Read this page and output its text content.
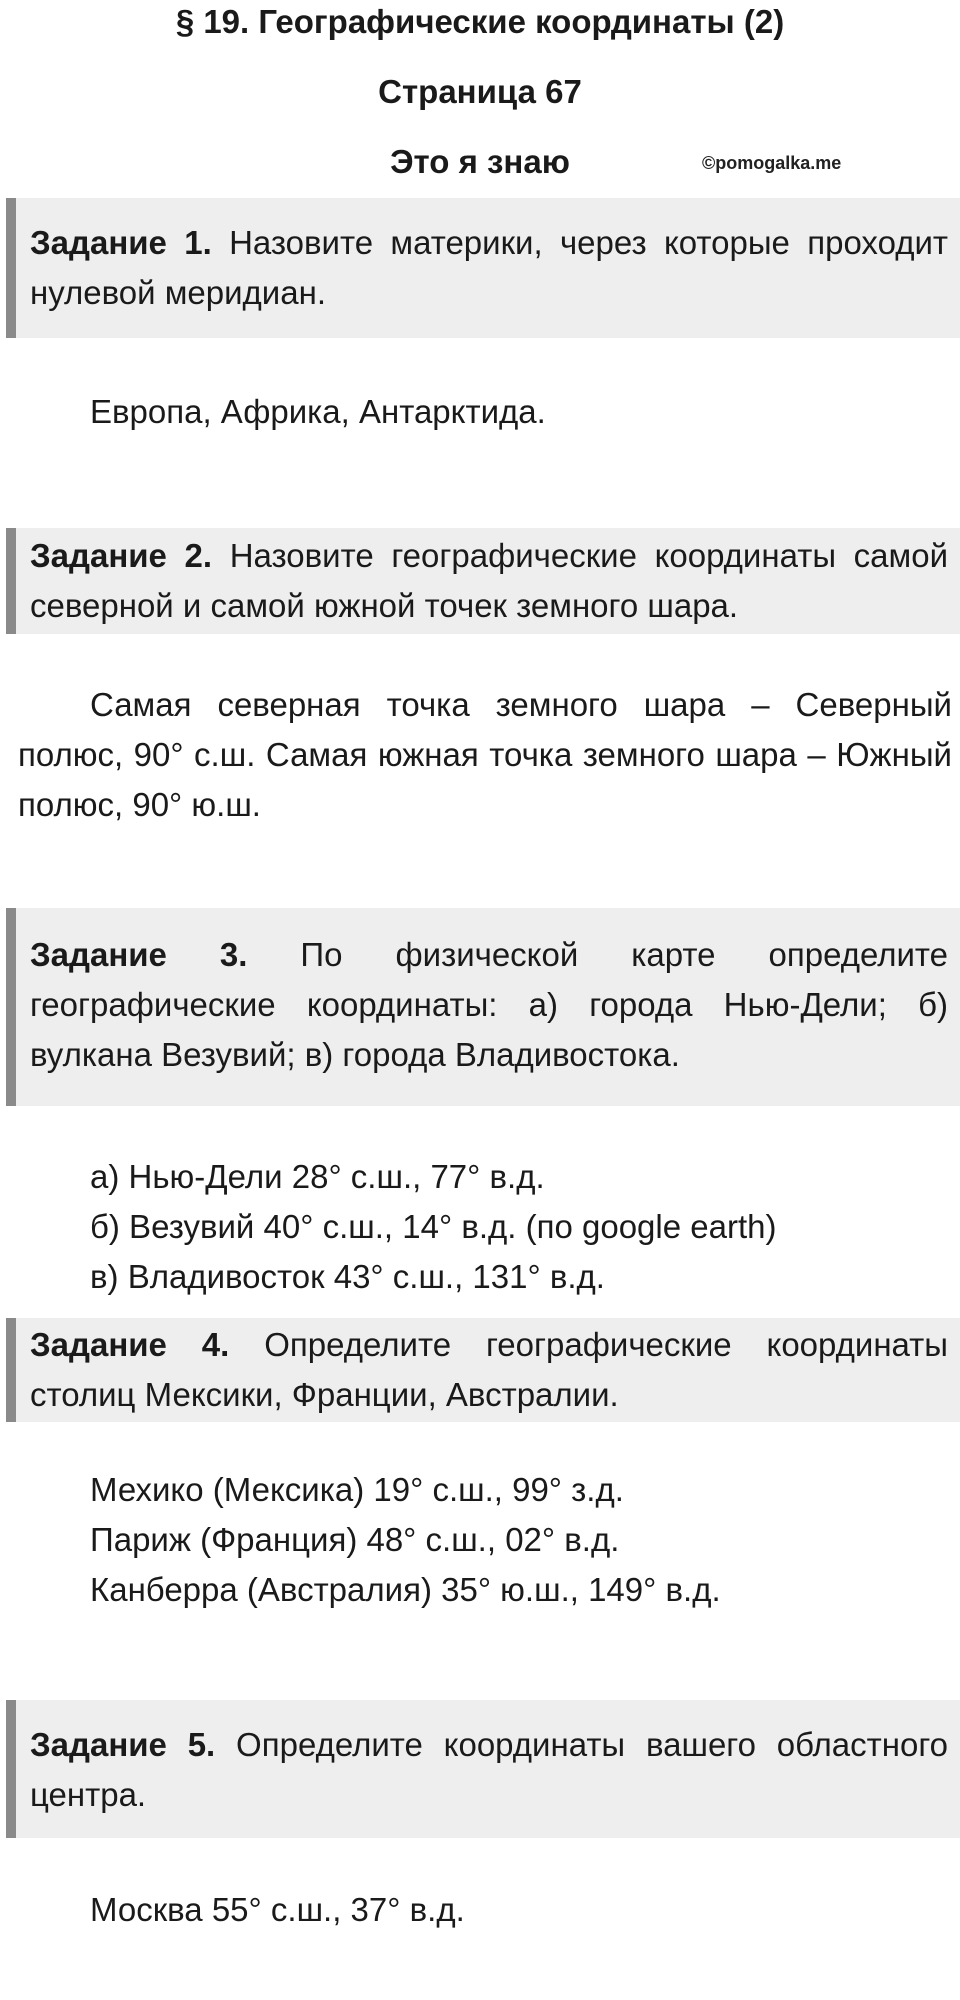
§ 19. Географические координаты (2)
Страница 67
Это я знаю	©pomogalka.me
Задание 1. Назовите материки, через которые проходит нулевой меридиан.
Европа, Африка, Антарктида.
Задание 2. Назовите географические координаты самой северной и самой южной точек земного шара.
Самая северная точка земного шара – Северный полюс, 90° с.ш. Самая южная точка земного шара – Южный полюс, 90° ю.ш.
Задание 3. По физической карте определите географические координаты: а) города Нью-Дели; б) вулкана Везувий; в) города Владивостока.
а) Нью-Дели 28° с.ш., 77° в.д.
б) Везувий 40° с.ш., 14° в.д. (по google earth)
в) Владивосток 43° с.ш., 131° в.д.
Задание 4. Определите географические координаты столиц Мексики, Франции, Австралии.
Мехико (Мексика) 19° с.ш., 99° з.д.
Париж (Франция) 48° с.ш., 02° в.д.
Канберра (Австралия) 35° ю.ш., 149° в.д.
Задание 5. Определите координаты вашего областного центра.
Москва 55° с.ш., 37° в.д.
